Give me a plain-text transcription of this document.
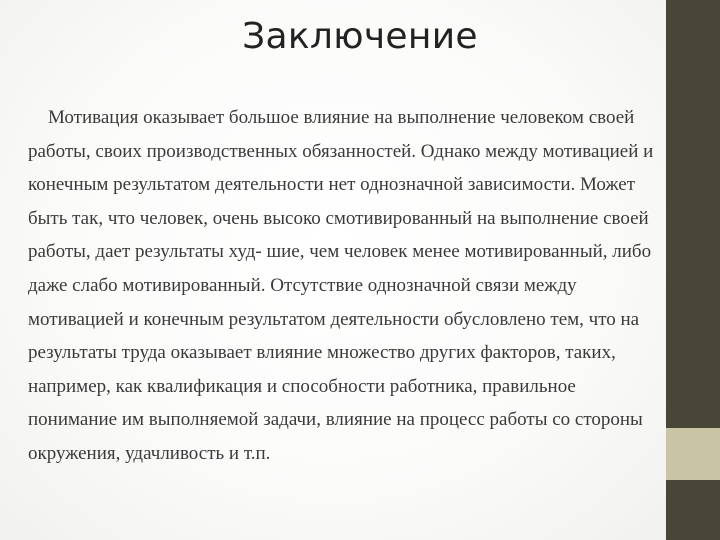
Заключение

Мотивация оказывает большое влияние на выполнение человеком своей работы, своих производственных обязанностей. Однако между мотивацией и конечным результатом деятельности нет однозначной зависимости. Может быть так, что человек, очень высоко смотивированный на выполнение своей работы, дает результаты худ- шие, чем человек менее мотивированный, либо даже слабо мотивированный. Отсутствие однозначной связи между мотивацией и конечным результатом деятельности обусловлено тем, что на результаты труда оказывает влияние множество других факторов, таких, например, как квалификация и способности работника, правильное понимание им выполняемой задачи, влияние на процесс работы со стороны окружения, удачливость и т.п.
